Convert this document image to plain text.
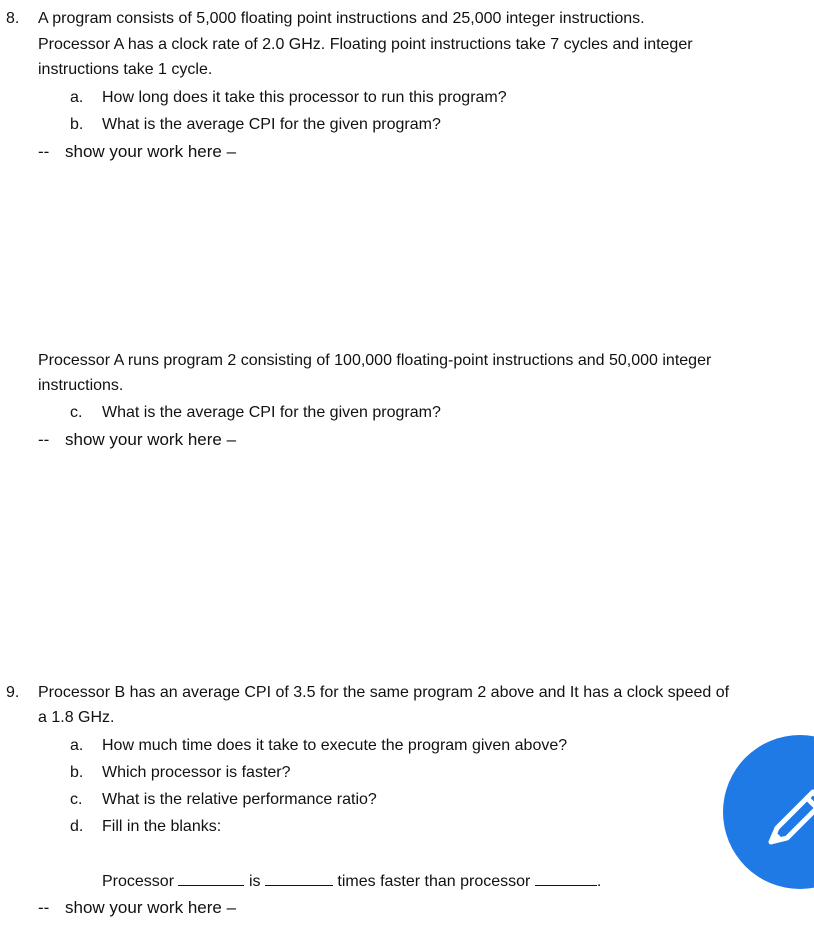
8. A program consists of 5,000 floating point instructions and 25,000 integer instructions.
Processor A has a clock rate of 2.0 GHz. Floating point instructions take 7 cycles and integer
instructions take 1 cycle.
a. How long does it take this processor to run this program?
b. What is the average CPI for the given program?
-- show your work here –
Processor A runs program 2 consisting of 100,000 floating-point instructions and 50,000 integer
instructions.
c. What is the average CPI for the given program?
-- show your work here –
9. Processor B has an average CPI of 3.5 for the same program 2 above and It has a clock speed of
a 1.8 GHz.
a. How much time does it take to execute the program given above?
b. Which processor is faster?
c. What is the relative performance ratio?
d. Fill in the blanks:
Processor	is	times faster than processor	.
-- show your work here –
